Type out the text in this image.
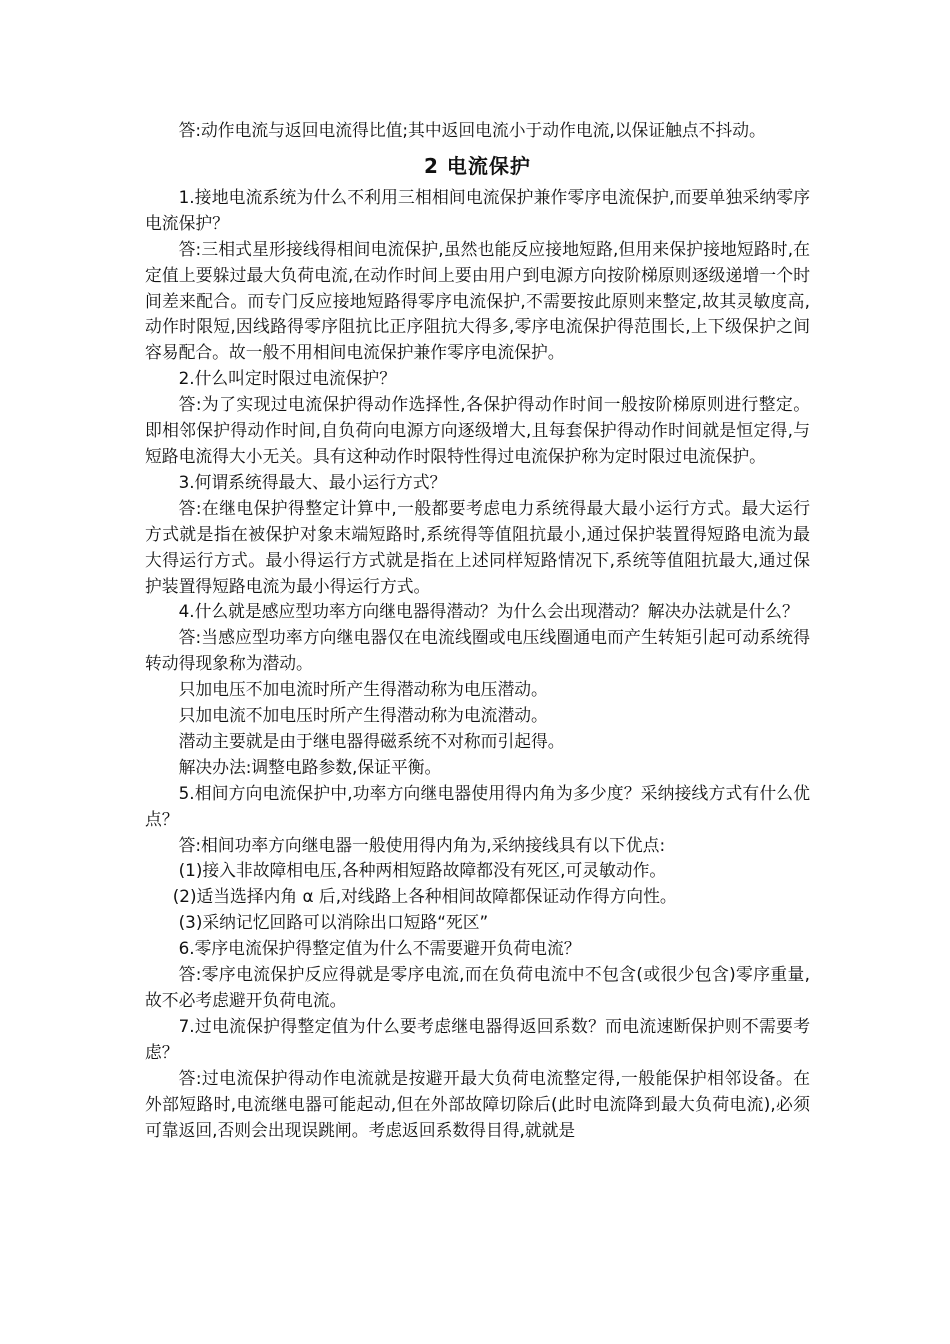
答:动作电流与返回电流得比值;其中返回电流小于动作电流,以保证触点不抖动。

2 电流保护

1.接地电流系统为什么不利用三相相间电流保护兼作零序电流保护,而要单独采纳零序电流保护？

答:三相式星形接线得相间电流保护,虽然也能反应接地短路,但用来保护接地短路时,在定值上要躲过最大负荷电流,在动作时间上要由用户到电源方向按阶梯原则逐级递增一个时间差来配合。而专门反应接地短路得零序电流保护,不需要按此原则来整定,故其灵敏度高,动作时限短,因线路得零序阻抗比正序阻抗大得多,零序电流保护得范围长,上下级保护之间容易配合。故一般不用相间电流保护兼作零序电流保护。

2.什么叫定时限过电流保护？

答:为了实现过电流保护得动作选择性,各保护得动作时间一般按阶梯原则进行整定。即相邻保护得动作时间,自负荷向电源方向逐级增大,且每套保护得动作时间就是恒定得,与短路电流得大小无关。具有这种动作时限特性得过电流保护称为定时限过电流保护。

3.何谓系统得最大、最小运行方式？

答:在继电保护得整定计算中,一般都要考虑电力系统得最大最小运行方式。最大运行方式就是指在被保护对象末端短路时,系统得等值阻抗最小,通过保护装置得短路电流为最大得运行方式。最小得运行方式就是指在上述同样短路情况下,系统等值阻抗最大,通过保护装置得短路电流为最小得运行方式。

4.什么就是感应型功率方向继电器得潜动？为什么会出现潜动？解决办法就是什么？

答:当感应型功率方向继电器仅在电流线圈或电压线圈通电而产生转矩引起可动系统得转动得现象称为潜动。

只加电压不加电流时所产生得潜动称为电压潜动。

只加电流不加电压时所产生得潜动称为电流潜动。

潜动主要就是由于继电器得磁系统不对称而引起得。

解决办法:调整电路参数,保证平衡。

5.相间方向电流保护中,功率方向继电器使用得内角为多少度？采纳接线方式有什么优点？

答:相间功率方向继电器一般使用得内角为,采纳接线具有以下优点:

(1)接入非故障相电压,各种两相短路故障都没有死区,可灵敏动作。

(2)适当选择内角 α 后,对线路上各种相间故障都保证动作得方向性。

(3)采纳记忆回路可以消除出口短路“死区”

6.零序电流保护得整定值为什么不需要避开负荷电流？

答:零序电流保护反应得就是零序电流,而在负荷电流中不包含(或很少包含)零序重量,故不必考虑避开负荷电流。

7.过电流保护得整定值为什么要考虑继电器得返回系数？而电流速断保护则不需要考虑？

答:过电流保护得动作电流就是按避开最大负荷电流整定得,一般能保护相邻设备。在外部短路时,电流继电器可能起动,但在外部故障切除后(此时电流降到最大负荷电流),必须可靠返回,否则会出现误跳闸。考虑返回系数得目得,就就是
